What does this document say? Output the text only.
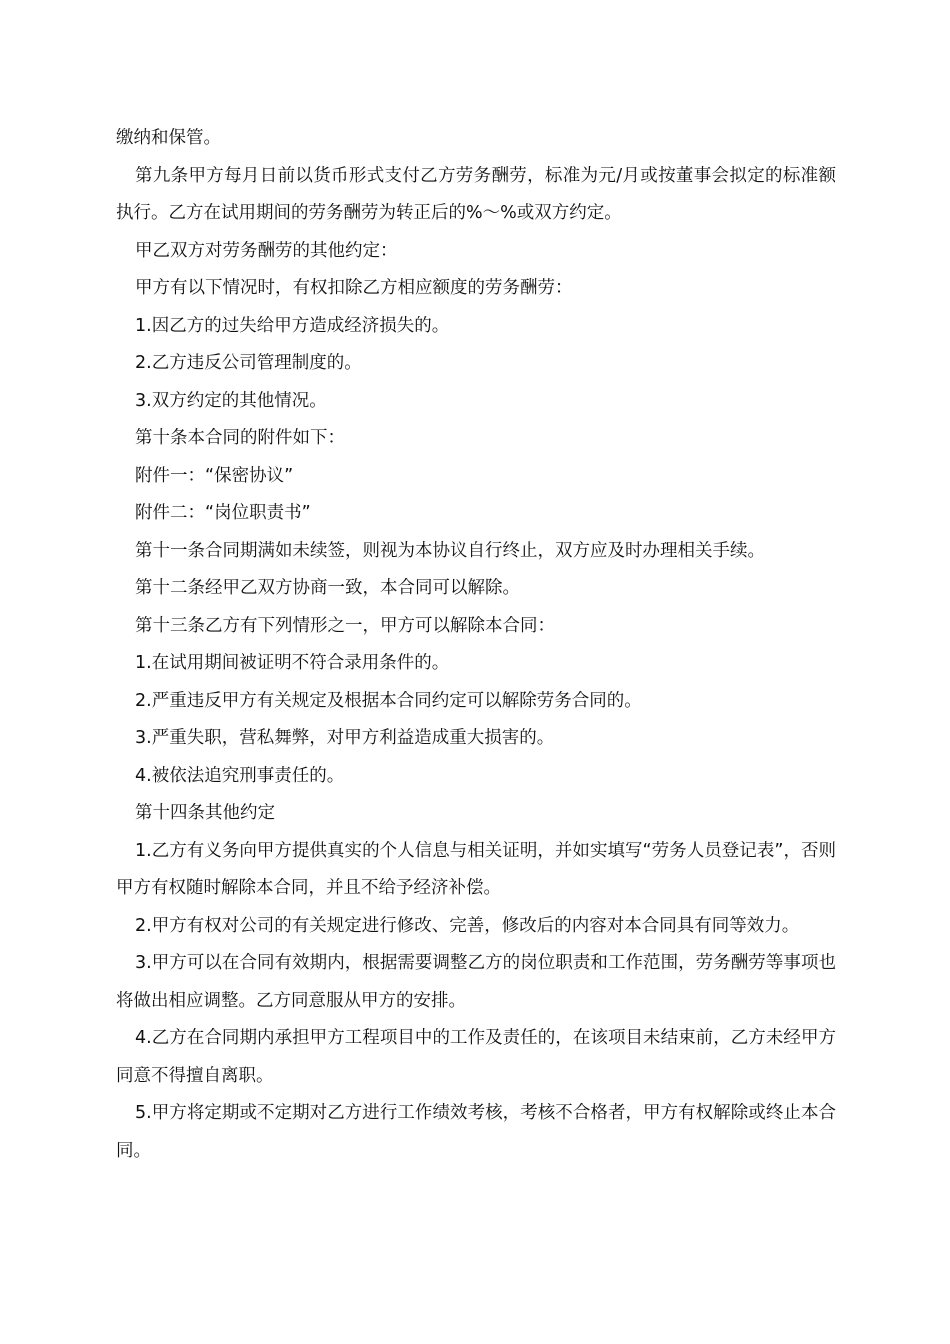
缴纳和保管。

第九条甲方每月日前以货币形式支付乙方劳务酬劳，标准为元/月或按董事会拟定的标准额执行。乙方在试用期间的劳务酬劳为转正后的%～%或双方约定。

甲乙双方对劳务酬劳的其他约定：

甲方有以下情况时，有权扣除乙方相应额度的劳务酬劳：

1.因乙方的过失给甲方造成经济损失的。

2.乙方违反公司管理制度的。

3.双方约定的其他情况。

第十条本合同的附件如下：

附件一：“保密协议”

附件二：“岗位职责书”

第十一条合同期满如未续签，则视为本协议自行终止，双方应及时办理相关手续。

第十二条经甲乙双方协商一致，本合同可以解除。

第十三条乙方有下列情形之一，甲方可以解除本合同：

1.在试用期间被证明不符合录用条件的。

2.严重违反甲方有关规定及根据本合同约定可以解除劳务合同的。

3.严重失职，营私舞弊，对甲方利益造成重大损害的。

4.被依法追究刑事责任的。

第十四条其他约定

1.乙方有义务向甲方提供真实的个人信息与相关证明，并如实填写“劳务人员登记表”，否则甲方有权随时解除本合同，并且不给予经济补偿。

2.甲方有权对公司的有关规定进行修改、完善，修改后的内容对本合同具有同等效力。

3.甲方可以在合同有效期内，根据需要调整乙方的岗位职责和工作范围，劳务酬劳等事项也将做出相应调整。乙方同意服从甲方的安排。

4.乙方在合同期内承担甲方工程项目中的工作及责任的，在该项目未结束前，乙方未经甲方同意不得擅自离职。

5.甲方将定期或不定期对乙方进行工作绩效考核，考核不合格者，甲方有权解除或终止本合同。
